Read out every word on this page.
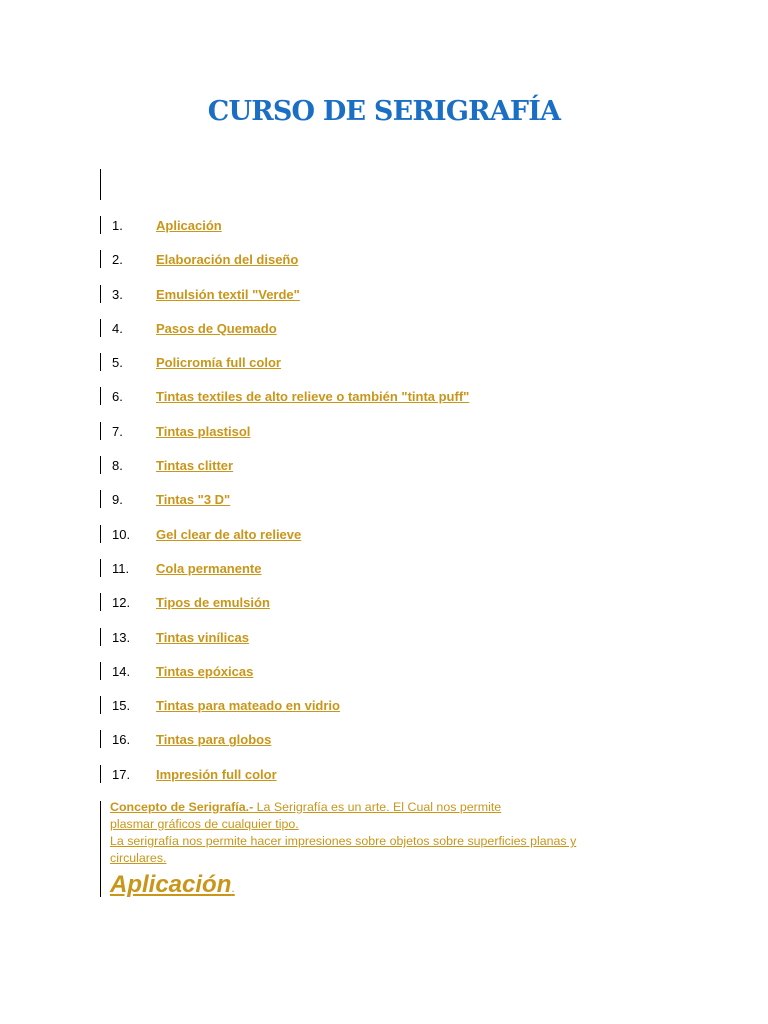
CURSO DE SERIGRAFÍA
1.	Aplicación
2.	Elaboración del diseño
3.	Emulsión textil "Verde"
4.	Pasos de Quemado
5.	Policromía full color
6.	Tintas textiles de alto relieve o también "tinta puff"
7.	Tintas plastisol
8.	Tintas clitter
9.	Tintas "3 D"
10. Gel clear de alto relieve
11. Cola permanente
12. Tipos de emulsión
13. Tintas vinílicas
14. Tintas epóxicas
15. Tintas para mateado en vidrio
16. Tintas para globos
17. Impresión full color
Concepto de Serigrafía.- La Serigrafía es un arte. El Cual nos permite
plasmar gráficos de cualquier tipo.
La serigrafía nos permite hacer impresiones sobre objetos sobre superficies planas y
circulares.
Aplicación.
